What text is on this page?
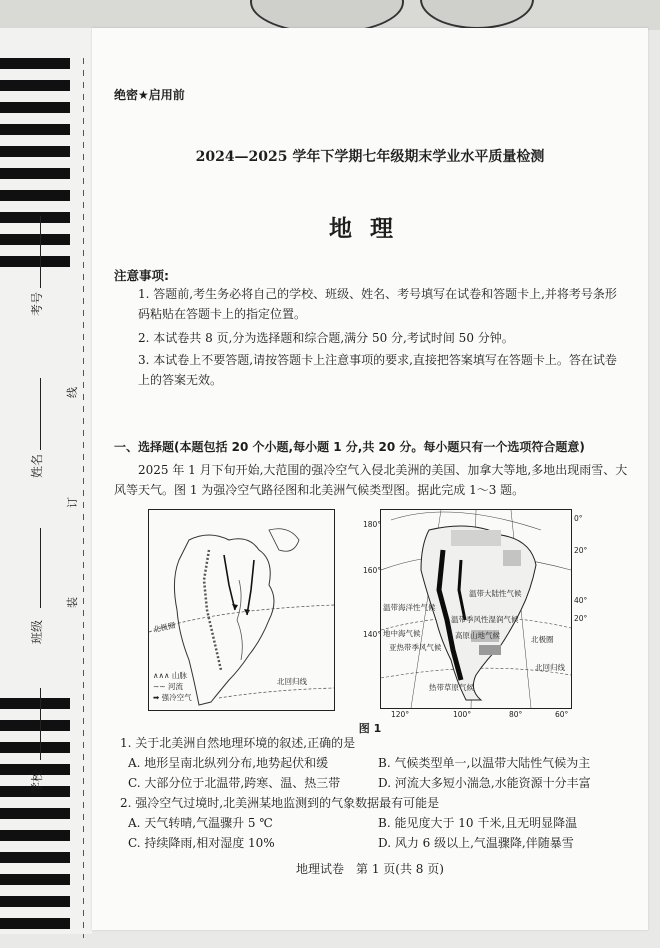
考号
姓名
班级
学校
线
订
装
绝密★启用前
2024—2025 学年下学期七年级期末学业水平质量检测
地理
注意事项:
1. 答题前,考生务必将自己的学校、班级、姓名、考号填写在试卷和答题卡上,并将考号条形码粘贴在答题卡上的指定位置。
2. 本试卷共 8 页,分为选择题和综合题,满分 50 分,考试时间 50 分钟。
3. 本试卷上不要答题,请按答题卡上注意事项的要求,直接把答案填写在答题卡上。答在试卷上的答案无效。
一、选择题(本题包括 20 个小题,每小题 1 分,共 20 分。每小题只有一个选项符合题意)
2025 年 1 月下旬开始,大范围的强冷空气入侵北美洲的美国、加拿大等地,多地出现雨雪、大风等天气。图 1 为强冷空气路径图和北美洲气候类型图。据此完成 1～3 题。
北极圈
北回归线
∧∧∧ 山脉
∼∼ 河流
➡ 强冷空气
120°	100°	80°	60°
180°
160°
140°
0°
20°
40°
20°
北极圈
北回归线
温带大陆性气候
温带海洋性气候
地中海气候
亚热带季风气候
温带季风性湿润气候
热带草原气候
高原山地气候
图 1
1. 关于北美洲自然地理环境的叙述,正确的是
A. 地形呈南北纵列分布,地势起伏和缓	B. 气候类型单一,以温带大陆性气候为主
C. 大部分位于北温带,跨寒、温、热三带	D. 河流大多短小湍急,水能资源十分丰富
2. 强冷空气过境时,北美洲某地监测到的气象数据最有可能是
A. 天气转晴,气温骤升 5 ℃	B. 能见度大于 10 千米,且无明显降温
C. 持续降雨,相对湿度 10%	D. 风力 6 级以上,气温骤降,伴随暴雪
地理试卷　第 1 页(共 8 页)
